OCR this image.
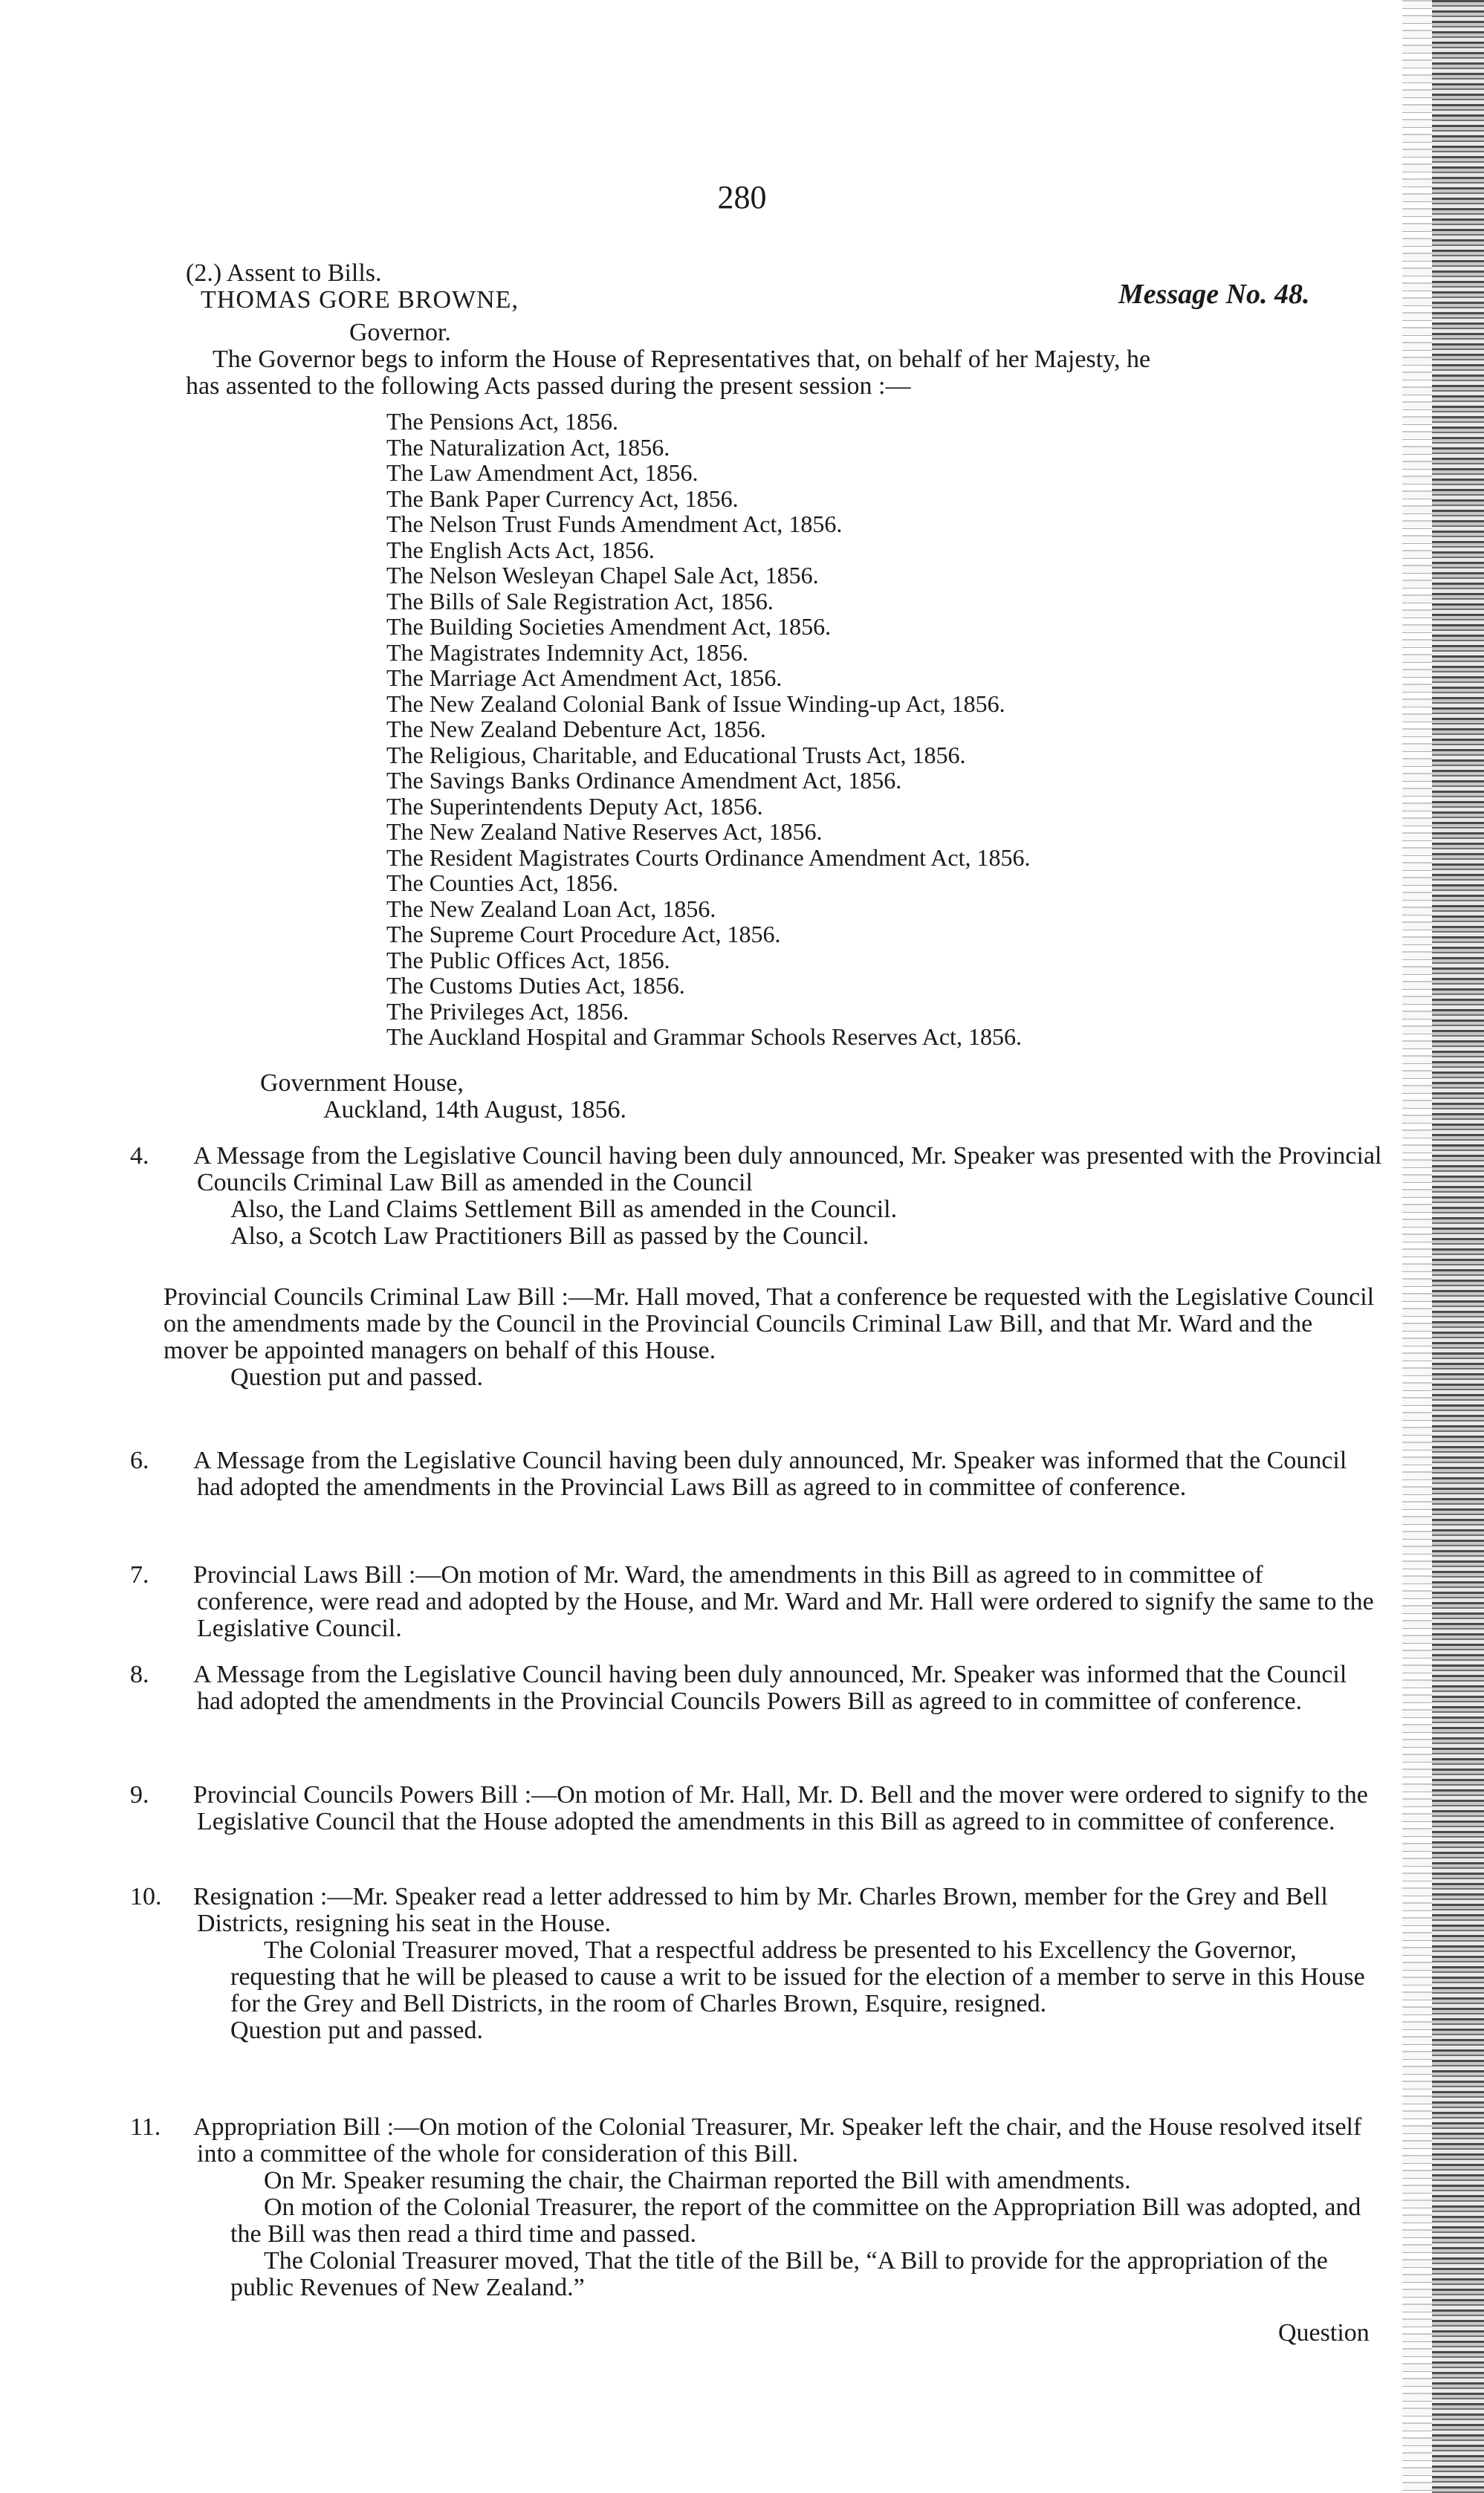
280

(2.) Assent to Bills.

THOMAS GORE BROWNE,	Message No. 48.

Governor.

The Governor begs to inform the House of Representatives that, on behalf of her Majesty, he

has assented to the following Acts passed during the present session :—

The Pensions Act, 1856.
The Naturalization Act, 1856.
The Law Amendment Act, 1856.
The Bank Paper Currency Act, 1856.
The Nelson Trust Funds Amendment Act, 1856.
The English Acts Act, 1856.
The Nelson Wesleyan Chapel Sale Act, 1856.
The Bills of Sale Registration Act, 1856.
The Building Societies Amendment Act, 1856.
The Magistrates Indemnity Act, 1856.
The Marriage Act Amendment Act, 1856.
The New Zealand Colonial Bank of Issue Winding-up Act, 1856.
The New Zealand Debenture Act, 1856.
The Religious, Charitable, and Educational Trusts Act, 1856.
The Savings Banks Ordinance Amendment Act, 1856.
The Superintendents Deputy Act, 1856.
The New Zealand Native Reserves Act, 1856.
The Resident Magistrates Courts Ordinance Amendment Act, 1856.
The Counties Act, 1856.
The New Zealand Loan Act, 1856.
The Supreme Court Procedure Act, 1856.
The Public Offices Act, 1856.
The Customs Duties Act, 1856.
The Privileges Act, 1856.
The Auckland Hospital and Grammar Schools Reserves Act, 1856.

Government House,

Auckland, 14th August, 1856.

4. A Message from the Legislative Council having been duly announced, Mr. Speaker was presented with the Provincial Councils Criminal Law Bill as amended in the Council

Also, the Land Claims Settlement Bill as amended in the Council.

Also, a Scotch Law Practitioners Bill as passed by the Council.

Provincial Councils Criminal Law Bill :—Mr. Hall moved, That a conference be requested with the Legislative Council on the amendments made by the Council in the Provincial Councils Criminal Law Bill, and that Mr. Ward and the mover be appointed managers on behalf of this House.

Question put and passed.

6. A Message from the Legislative Council having been duly announced, Mr. Speaker was informed that the Council had adopted the amendments in the Provincial Laws Bill as agreed to in committee of conference.

7. Provincial Laws Bill :—On motion of Mr. Ward, the amendments in this Bill as agreed to in committee of conference, were read and adopted by the House, and Mr. Ward and Mr. Hall were ordered to signify the same to the Legislative Council.

8. A Message from the Legislative Council having been duly announced, Mr. Speaker was informed that the Council had adopted the amendments in the Provincial Councils Powers Bill as agreed to in committee of conference.

9. Provincial Councils Powers Bill :—On motion of Mr. Hall, Mr. D. Bell and the mover were ordered to signify to the Legislative Council that the House adopted the amendments in this Bill as agreed to in committee of conference.

10. Resignation :—Mr. Speaker read a letter addressed to him by Mr. Charles Brown, member for the Grey and Bell Districts, resigning his seat in the House.

The Colonial Treasurer moved, That a respectful address be presented to his Excellency the Governor, requesting that he will be pleased to cause a writ to be issued for the election of a member to serve in this House for the Grey and Bell Districts, in the room of Charles Brown, Esquire, resigned.

Question put and passed.

11. Appropriation Bill :—On motion of the Colonial Treasurer, Mr. Speaker left the chair, and the House resolved itself into a committee of the whole for consideration of this Bill.

On Mr. Speaker resuming the chair, the Chairman reported the Bill with amendments.

On motion of the Colonial Treasurer, the report of the committee on the Appropriation Bill was adopted, and the Bill was then read a third time and passed.

The Colonial Treasurer moved, That the title of the Bill be, “A Bill to provide for the appropriation of the public Revenues of New Zealand.”

Question
